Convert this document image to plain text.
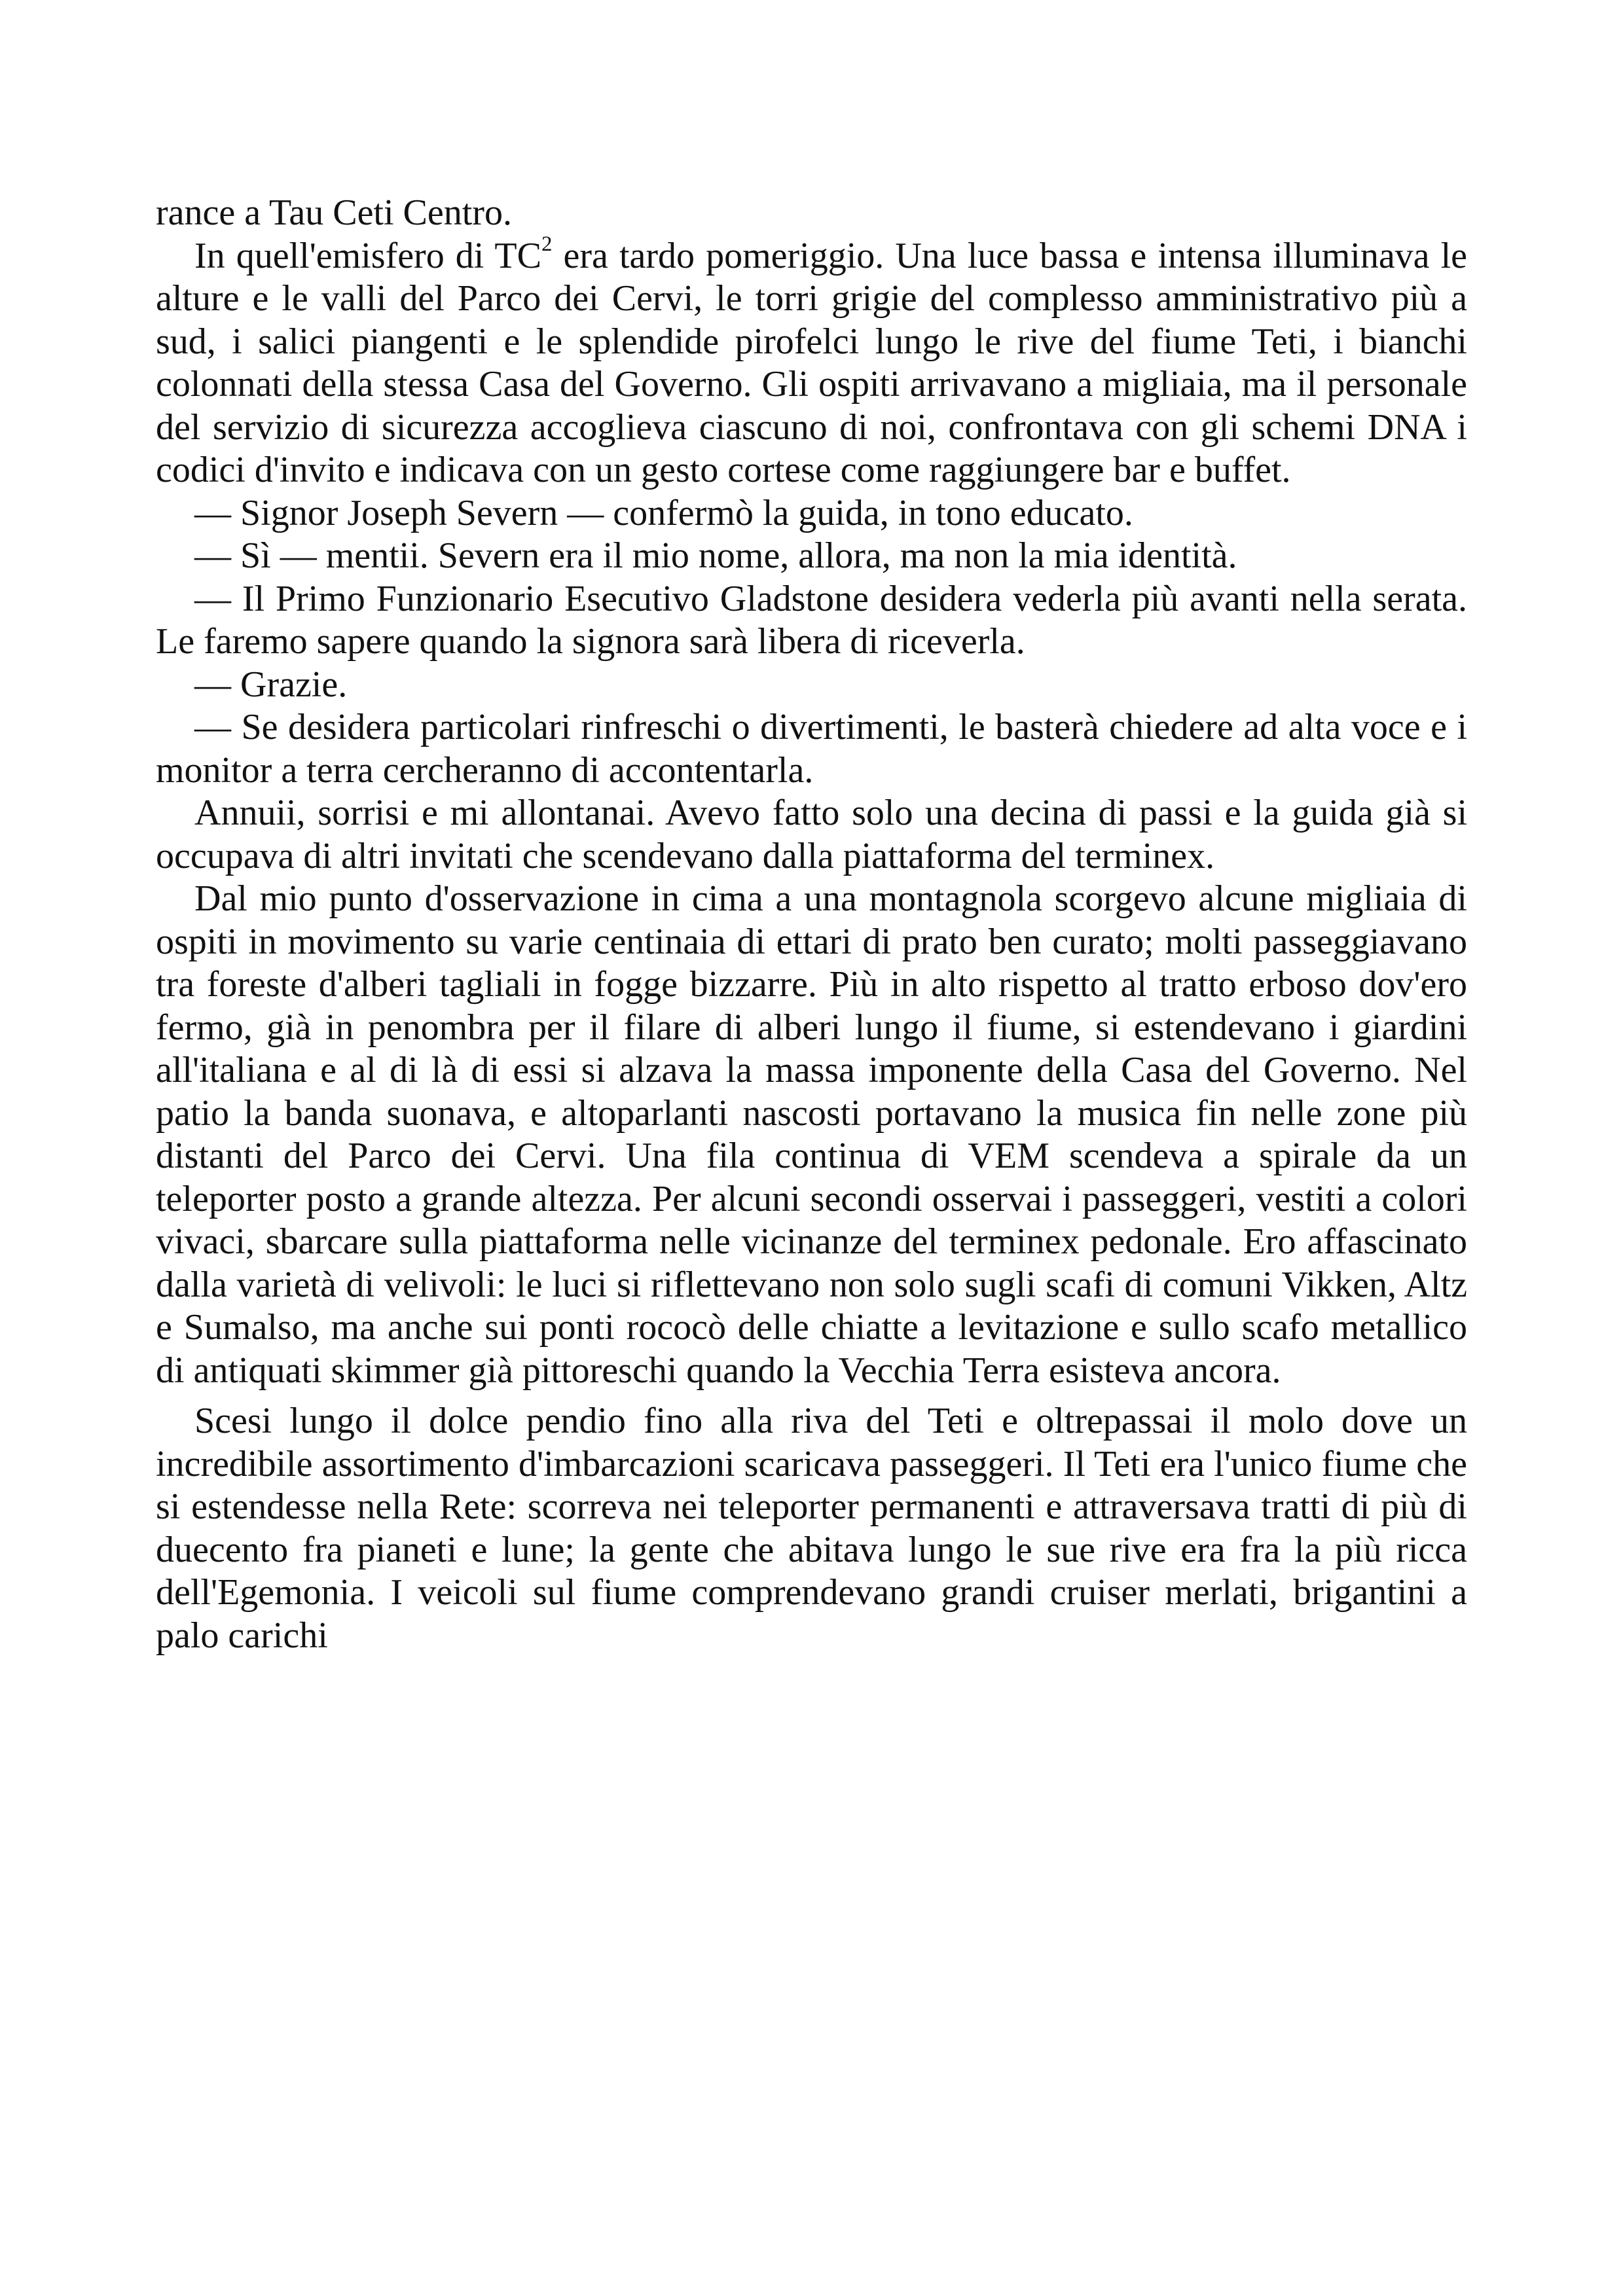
rance a Tau Ceti Centro.

In quell'emisfero di $TC^2$ era tardo pomeriggio. Una luce bassa e intensa illuminava le alture e le valli del Parco dei Cervi, le torri grigie del complesso amministrativo più a sud, i salici piangenti e le splendide pirofelci lungo le rive del fiume Teti, i bianchi colonnati della stessa Casa del Governo. Gli ospiti arrivavano a migliaia, ma il personale del servizio di sicurezza accoglieva ciascuno di noi, confrontava con gli schemi DNA i codici d'invito e indicava con un gesto cortese come raggiungere bar e buffet.

— Signor Joseph Severn — confermò la guida, in tono educato.

— Sì — mentii. Severn era il mio nome, allora, ma non la mia identità.

— Il Primo Funzionario Esecutivo Gladstone desidera vederla più avanti nella serata. Le faremo sapere quando la signora sarà libera di riceverla.

— Grazie.

— Se desidera particolari rinfreschi o divertimenti, le basterà chiedere ad alta voce e i monitor a terra cercheranno di accontentarla.

Annuii, sorrisi e mi allontanai. Avevo fatto solo una decina di passi e la guida già si occupava di altri invitati che scendevano dalla piattaforma del terminex.

Dal mio punto d'osservazione in cima a una montagnola scorgevo alcune migliaia di ospiti in movimento su varie centinaia di ettari di prato ben curato; molti passeggiavano tra foreste d'alberi tagliali in fogge bizzarre. Più in alto rispetto al tratto erboso dov'ero fermo, già in penombra per il filare di alberi lungo il fiume, si estendevano i giardini all'italiana e al di là di essi si alzava la massa imponente della Casa del Governo. Nel patio la banda suonava, e altoparlanti nascosti portavano la musica fin nelle zone più distanti del Parco dei Cervi. Una fila continua di VEM scendeva a spirale da un teleporter posto a grande altezza. Per alcuni secondi osservai i passeggeri, vestiti a colori vivaci, sbarcare sulla piattaforma nelle vicinanze del terminex pedonale. Ero affascinato dalla varietà di velivoli: le luci si riflettevano non solo sugli scafi di comuni Vikken, Altz e Sumalso, ma anche sui ponti rococò delle chiatte a levitazione e sullo scafo metallico di antiquati skimmer già pittoreschi quando la Vecchia Terra esisteva ancora.

Scesi lungo il dolce pendio fino alla riva del Teti e oltrepassai il molo dove un incredibile assortimento d'imbarcazioni scaricava passeggeri. Il Teti era l'unico fiume che si estendesse nella Rete: scorreva nei teleporter permanenti e attraversava tratti di più di duecento fra pianeti e lune; la gente che abitava lungo le sue rive era fra la più ricca dell'Egemonia. I veicoli sul fiume comprendevano grandi cruiser merlati, brigantini a palo carichi
